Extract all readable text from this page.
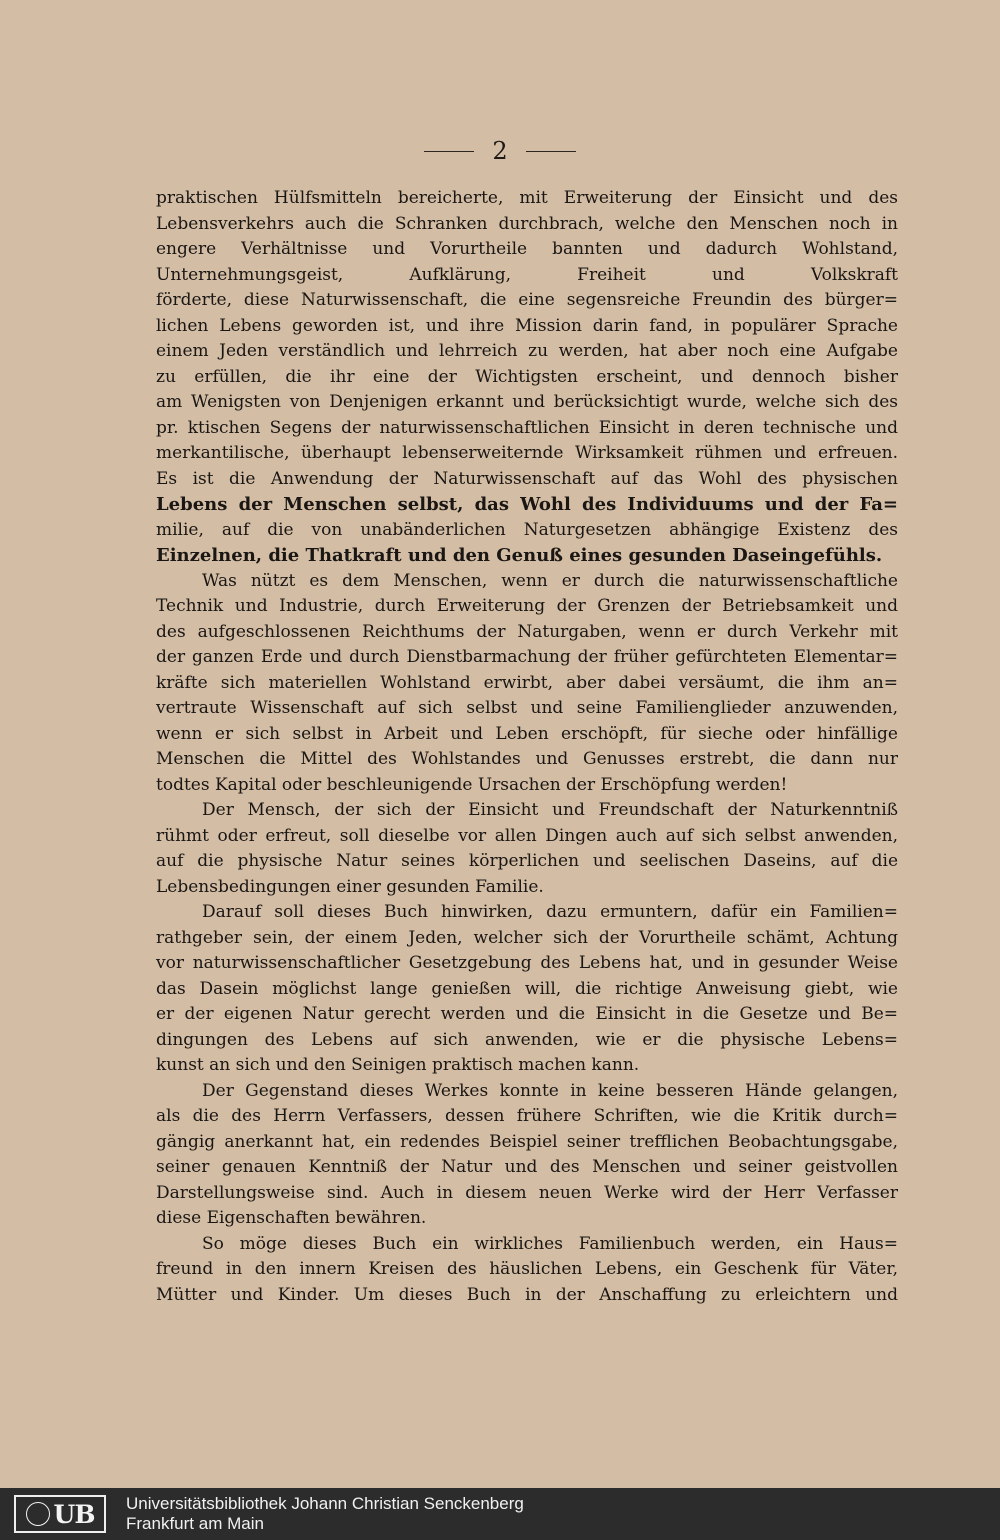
2

praktischen Hülfsmitteln bereicherte, mit Erweiterung der Einsicht und des

Lebensverkehrs auch die Schranken durchbrach, welche den Menschen noch in

engere Verhältnisse und Vorurtheile bannten und dadurch Wohlstand,

Unternehmungsgeist, Aufklärung, Freiheit und Volkskraft

förderte, diese Naturwissenschaft, die eine segensreiche Freundin des bürger=

lichen Lebens geworden ist, und ihre Mission darin fand, in populärer Sprache

einem Jeden verständlich und lehrreich zu werden, hat aber noch eine Aufgabe

zu erfüllen, die ihr eine der Wichtigsten erscheint, und dennoch bisher

am Wenigsten von Denjenigen erkannt und berücksichtigt wurde, welche sich des

pr. ktischen Segens der naturwissenschaftlichen Einsicht in deren technische und

merkantilische, überhaupt lebenserweiternde Wirksamkeit rühmen und erfreuen.

Es ist die Anwendung der Naturwissenschaft auf das Wohl des physischen

Lebens der Menschen selbst, das Wohl des Individuums und der Fa=

milie, auf die von unabänderlichen Naturgesetzen abhängige Existenz des

Einzelnen, die Thatkraft und den Genuß eines gesunden Daseingefühls.

Was nützt es dem Menschen, wenn er durch die naturwissenschaftliche

Technik und Industrie, durch Erweiterung der Grenzen der Betriebsamkeit und

des aufgeschlossenen Reichthums der Naturgaben, wenn er durch Verkehr mit

der ganzen Erde und durch Dienstbarmachung der früher gefürchteten Elementar=

kräfte sich materiellen Wohlstand erwirbt, aber dabei versäumt, die ihm an=

vertraute Wissenschaft auf sich selbst und seine Familienglieder anzuwenden,

wenn er sich selbst in Arbeit und Leben erschöpft, für sieche oder hinfällige

Menschen die Mittel des Wohlstandes und Genusses erstrebt, die dann nur

todtes Kapital oder beschleunigende Ursachen der Erschöpfung werden!

Der Mensch, der sich der Einsicht und Freundschaft der Naturkenntniß

rühmt oder erfreut, soll dieselbe vor allen Dingen auch auf sich selbst anwenden,

auf die physische Natur seines körperlichen und seelischen Daseins, auf die

Lebensbedingungen einer gesunden Familie.

Darauf soll dieses Buch hinwirken, dazu ermuntern, dafür ein Familien=

rathgeber sein, der einem Jeden, welcher sich der Vorurtheile schämt, Achtung

vor naturwissenschaftlicher Gesetzgebung des Lebens hat, und in gesunder Weise

das Dasein möglichst lange genießen will, die richtige Anweisung giebt, wie

er der eigenen Natur gerecht werden und die Einsicht in die Gesetze und Be=

dingungen des Lebens auf sich anwenden, wie er die physische Lebens=

kunst an sich und den Seinigen praktisch machen kann.

Der Gegenstand dieses Werkes konnte in keine besseren Hände gelangen,

als die des Herrn Verfassers, dessen frühere Schriften, wie die Kritik durch=

gängig anerkannt hat, ein redendes Beispiel seiner trefflichen Beobachtungsgabe,

seiner genauen Kenntniß der Natur und des Menschen und seiner geistvollen

Darstellungsweise sind. Auch in diesem neuen Werke wird der Herr Verfasser

diese Eigenschaften bewähren.

So möge dieses Buch ein wirkliches Familienbuch werden, ein Haus=

freund in den innern Kreisen des häuslichen Lebens, ein Geschenk für Väter,

Mütter und Kinder. Um dieses Buch in der Anschaffung zu erleichtern und

UB Universitätsbibliothek Johann Christian Senckenberg
Frankfurt am Main
